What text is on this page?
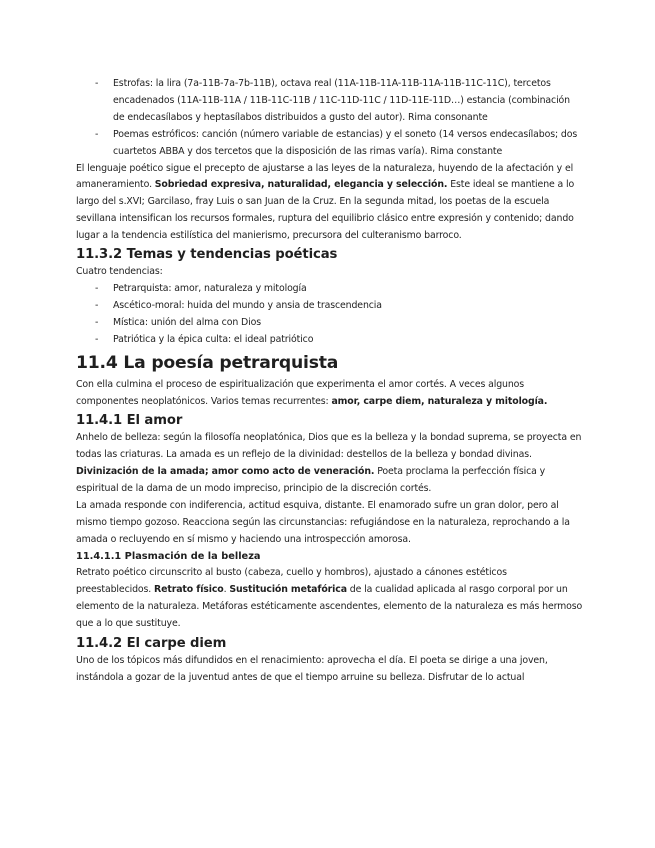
- Estrofas: la lira (7a-11B-7a-7b-11B), octava real (11A-11B-11A-11B-11A-11B-11C-11C), tercetos encadenados (11A-11B-11A / 11B-11C-11B / 11C-11D-11C / 11D-11E-11D…) estancia (combinación de endecasílabos y heptasílabos distribuidos a gusto del autor). Rima consonante
- Poemas estróficos: canción (número variable de estancias) y el soneto (14 versos endecasílabos; dos cuartetos ABBA y dos tercetos que la disposición de las rimas varía). Rima constante

El lenguaje poético sigue el precepto de ajustarse a las leyes de la naturaleza, huyendo de la afectación y el amaneramiento. Sobriedad expresiva, naturalidad, elegancia y selección. Este ideal se mantiene a lo largo del s.XVI; Garcilaso, fray Luis o san Juan de la Cruz. En la segunda mitad, los poetas de la escuela sevillana intensifican los recursos formales, ruptura del equilibrio clásico entre expresión y contenido; dando lugar a la tendencia estilística del manierismo, precursora del culteranismo barroco.

11.3.2 Temas y tendencias poéticas

Cuatro tendencias:

- Petrarquista: amor, naturaleza y mitología
- Ascético-moral: huida del mundo y ansia de trascendencia
- Mística: unión del alma con Dios
- Patriótica y la épica culta: el ideal patriótico
11.4 La poesía petrarquista

Con ella culmina el proceso de espiritualización que experimenta el amor cortés. A veces algunos componentes neoplatónicos. Varios temas recurrentes: amor, carpe diem, naturaleza y mitología.

11.4.1 El amor

Anhelo de belleza: según la filosofía neoplatónica, Dios que es la belleza y la bondad suprema, se proyecta en todas las criaturas. La amada es un reflejo de la divinidad: destellos de la belleza y bondad divinas. Divinización de la amada; amor como acto de veneración. Poeta proclama la perfección física y espiritual de la dama de un modo impreciso, principio de la discreción cortés.

La amada responde con indiferencia, actitud esquiva, distante. El enamorado sufre un gran dolor, pero al mismo tiempo gozoso. Reacciona según las circunstancias: refugiándose en la naturaleza, reprochando a la amada o recluyendo en sí mismo y haciendo una introspección amorosa.

11.4.1.1 Plasmación de la belleza

Retrato poético circunscrito al busto (cabeza, cuello y hombros), ajustado a cánones estéticos preestablecidos. Retrato físico. Sustitución metafórica de la cualidad aplicada al rasgo corporal por un elemento de la naturaleza. Metáforas estéticamente ascendentes, elemento de la naturaleza es más hermoso que a lo que sustituye.

11.4.2 El carpe diem

Uno de los tópicos más difundidos en el renacimiento: aprovecha el día. El poeta se dirige a una joven, instándola a gozar de la juventud antes de que el tiempo arruine su belleza. Disfrutar de lo actual
